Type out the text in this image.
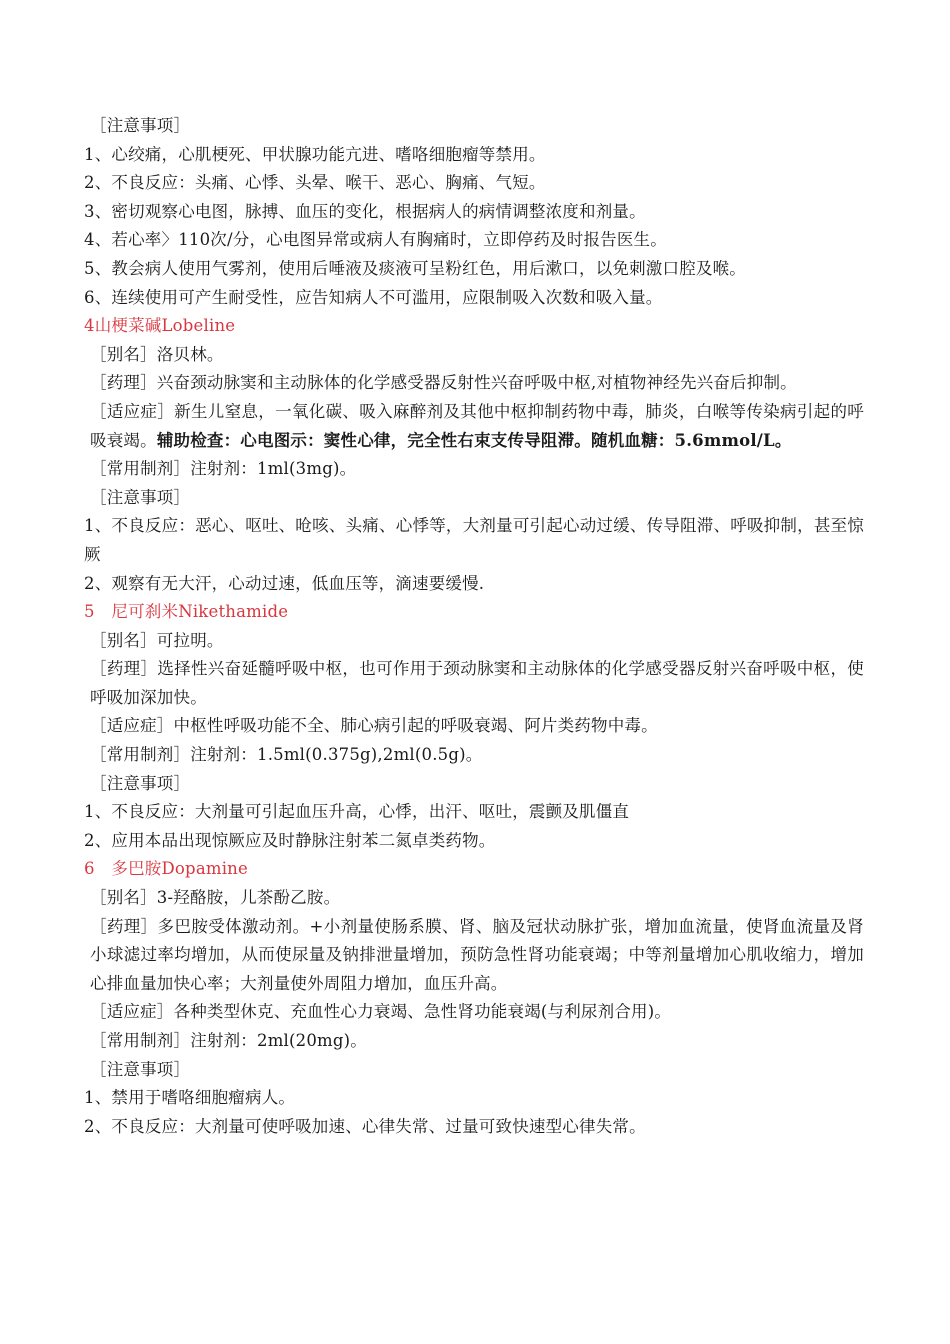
［注意事项］
1、心绞痛，心肌梗死、甲状腺功能亢进、嗜咯细胞瘤等禁用。
2、不良反应：头痛、心悸、头晕、喉干、恶心、胸痛、气短。
3、密切观察心电图，脉搏、血压的变化，根据病人的病情调整浓度和剂量。
4、若心率〉110次/分，心电图异常或病人有胸痛时，立即停药及时报告医生。
5、教会病人使用气雾剂，使用后唾液及痰液可呈粉红色，用后漱口，以免刺激口腔及喉。
6、连续使用可产生耐受性，应告知病人不可滥用，应限制吸入次数和吸入量。
4山梗菜碱Lobeline
［别名］洛贝林。
［药理］兴奋颈动脉窦和主动脉体的化学感受器反射性兴奋呼吸中枢,对植物神经先兴奋后抑制。
［适应症］新生儿窒息，一氧化碳、吸入麻醉剂及其他中枢抑制药物中毒，肺炎，白喉等传染病引起的呼吸衰竭。辅助检查：心电图示：窦性心律，完全性右束支传导阻滞。随机血糖：5.6mmol/L。
［常用制剂］注射剂：1ml(3mg)。
［注意事项］
1、不良反应：恶心、呕吐、呛咳、头痛、心悸等，大剂量可引起心动过缓、传导阻滞、呼吸抑制，甚至惊厥
2、观察有无大汗，心动过速，低血压等，滴速要缓慢.
5　尼可刹米Nikethamide
［别名］可拉明。
［药理］选择性兴奋延髓呼吸中枢，也可作用于颈动脉窦和主动脉体的化学感受器反射兴奋呼吸中枢，使呼吸加深加快。
［适应症］中枢性呼吸功能不全、肺心病引起的呼吸衰竭、阿片类药物中毒。
［常用制剂］注射剂：1.5ml(0.375g),2ml(0.5g)。
［注意事项］
1、不良反应：大剂量可引起血压升高，心悸，出汗、呕吐，震颤及肌僵直
2、应用本品出现惊厥应及时静脉注射苯二氮卓类药物。
6　多巴胺Dopamine
［别名］3-羟酪胺，儿茶酚乙胺。
［药理］多巴胺受体激动剂。+小剂量使肠系膜、肾、脑及冠状动脉扩张，增加血流量，使肾血流量及肾小球滤过率均增加，从而使尿量及钠排泄量增加，预防急性肾功能衰竭；中等剂量增加心肌收缩力，增加心排血量加快心率；大剂量使外周阻力增加，血压升高。
［适应症］各种类型休克、充血性心力衰竭、急性肾功能衰竭(与利尿剂合用)。
［常用制剂］注射剂：2ml(20mg)。
［注意事项］
1、禁用于嗜咯细胞瘤病人。
2、不良反应：大剂量可使呼吸加速、心律失常、过量可致快速型心律失常。
